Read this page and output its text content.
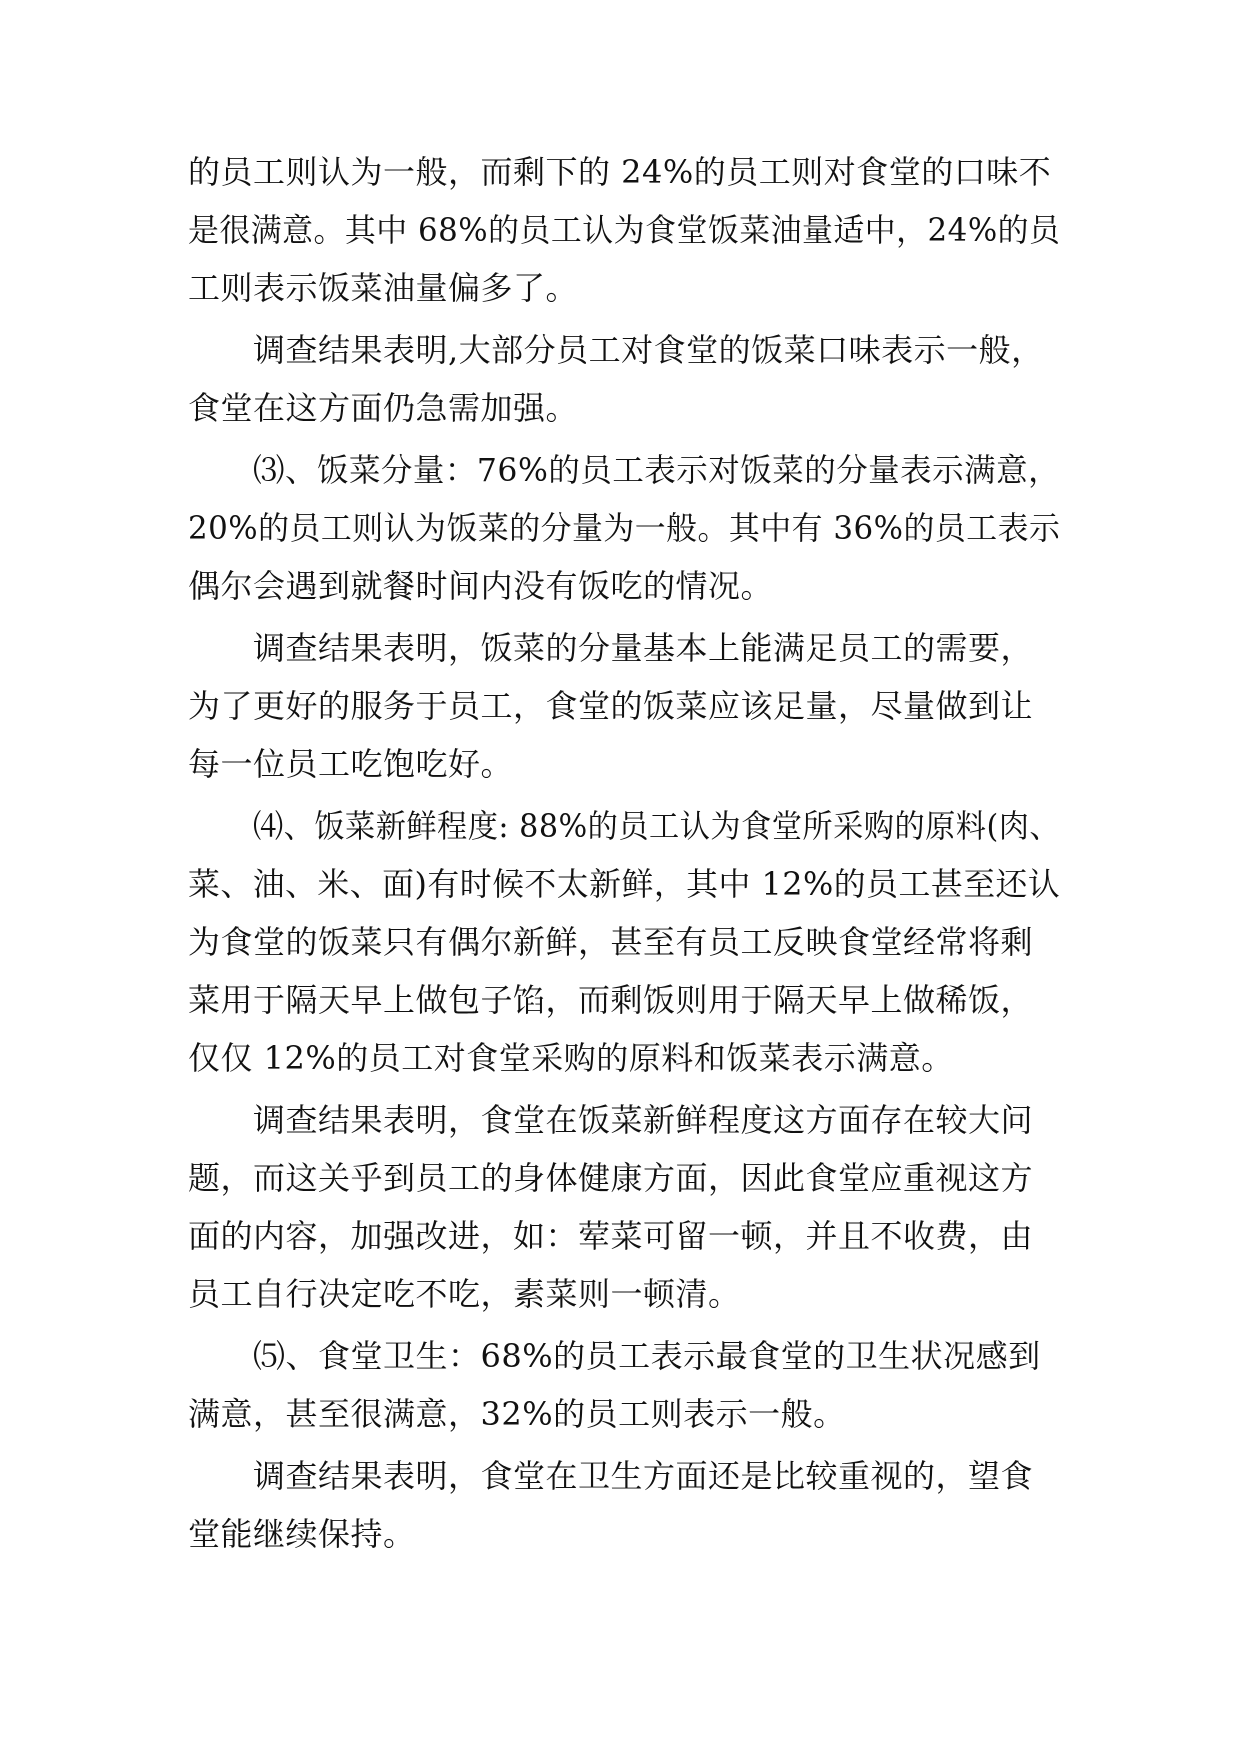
的员工则认为一般，而剩下的 24%的员工则对食堂的口味不
是很满意。其中 68%的员工认为食堂饭菜油量适中，24%的员
工则表示饭菜油量偏多了。
调查结果表明,大部分员工对食堂的饭菜口味表示一般，
食堂在这方面仍急需加强。
⑶、饭菜分量：76%的员工表示对饭菜的分量表示满意，
20%的员工则认为饭菜的分量为一般。其中有 36%的员工表示
偶尔会遇到就餐时间内没有饭吃的情况。
调查结果表明，饭菜的分量基本上能满足员工的需要，
为了更好的服务于员工，食堂的饭菜应该足量，尽量做到让
每一位员工吃饱吃好。
⑷、饭菜新鲜程度: 88%的员工认为食堂所采购的原料(肉、
菜、油、米、面)有时候不太新鲜，其中 12%的员工甚至还认
为食堂的饭菜只有偶尔新鲜，甚至有员工反映食堂经常将剩
菜用于隔天早上做包子馅，而剩饭则用于隔天早上做稀饭，
仅仅 12%的员工对食堂采购的原料和饭菜表示满意。
调查结果表明，食堂在饭菜新鲜程度这方面存在较大问
题，而这关乎到员工的身体健康方面，因此食堂应重视这方
面的内容，加强改进，如：荤菜可留一顿，并且不收费，由
员工自行决定吃不吃，素菜则一顿清。
⑸、食堂卫生：68%的员工表示最食堂的卫生状况感到
满意，甚至很满意，32%的员工则表示一般。
调查结果表明，食堂在卫生方面还是比较重视的，望食
堂能继续保持。
